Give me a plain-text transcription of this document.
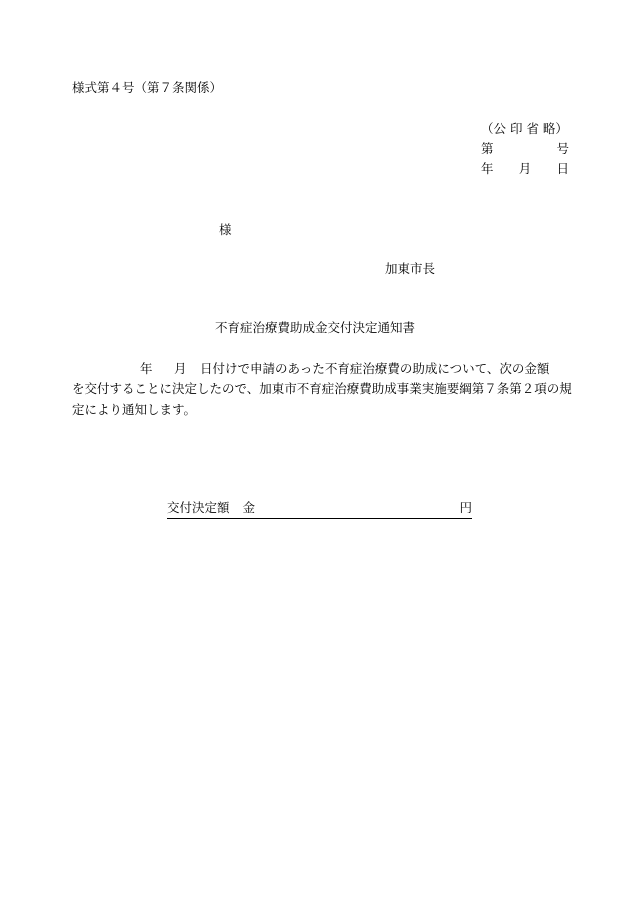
様式第４号（第７条関係）
（公 印 省 略）
第	号
年 月 日
様
加東市長
不育症治療費助成金交付決定通知書
年 月 日付けで申請のあった不育症治療費の助成について、次の金額
を交付することに決定したので、加東市不育症治療費助成事業実施要綱第７条第２項の規
定により通知します。
交付決定額 金	円
